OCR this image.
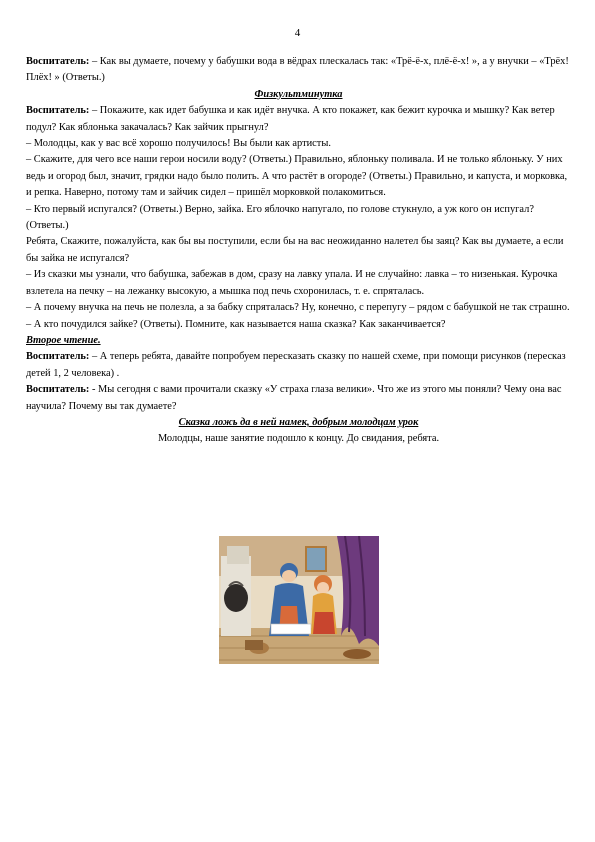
4

Воспитатель: – Как вы думаете, почему у бабушки вода в вёдрах плескалась так: «Трё-ё-х, плё-ё-х! », а у внучки – «Трёх! Плёх! » (Ответы.)

Физкультминутка

Воспитатель: – Покажите, как идет бабушка и как идёт внучка. А кто покажет, как бежит курочка и мышку? Как ветер подул? Как яблонька закачалась? Как зайчик прыгнул?

– Молодцы, как у вас всё хорошо получилось! Вы были как артисты.

– Скажите, для чего все наши герои носили воду? (Ответы.) Правильно, яблоньку поливала. И не только яблоньку. У них ведь и огород был, значит, грядки надо было полить. А что растёт в огороде? (Ответы.) Правильно, и капуста, и морковка, и репка. Наверно, потому там и зайчик сидел – пришёл морковкой полакомиться.

– Кто первый испугался? (Ответы.) Верно, зайка. Его яблочко напугало, по голове стукнуло, а уж кого он испугал? (Ответы.)

Ребята, Скажите, пожалуйста, как бы вы поступили, если бы на вас неожиданно налетел бы заяц? Как вы думаете, а если бы зайка не испугался?

– Из сказки мы узнали, что бабушка, забежав в дом, сразу на лавку упала. И не случайно: лавка – то низенькая. Курочка взлетела на печку – на лежанку высокую, а мышка под печь схоронилась, т. е. спряталась.

– А почему внучка на печь не полезла, а за бабку спряталась? Ну, конечно, с перепугу – рядом с бабушкой не так страшно.

– А кто почудился зайке? (Ответы). Помните, как называется наша сказка? Как заканчивается?

Второе чтение.

Воспитатель: – А теперь ребята, давайте попробуем пересказать сказку по нашей схеме, при помощи рисунков (пересказ детей 1, 2 человека) .

Воспитатель: - Мы сегодня с вами прочитали сказку «У страха глаза велики». Что же из этого мы поняли? Чему она вас научила? Почему вы так думаете?

Сказка ложь да в ней намек, добрым молодцам урок

Молодцы, наше занятие подошло к концу. До свидания, ребята.
